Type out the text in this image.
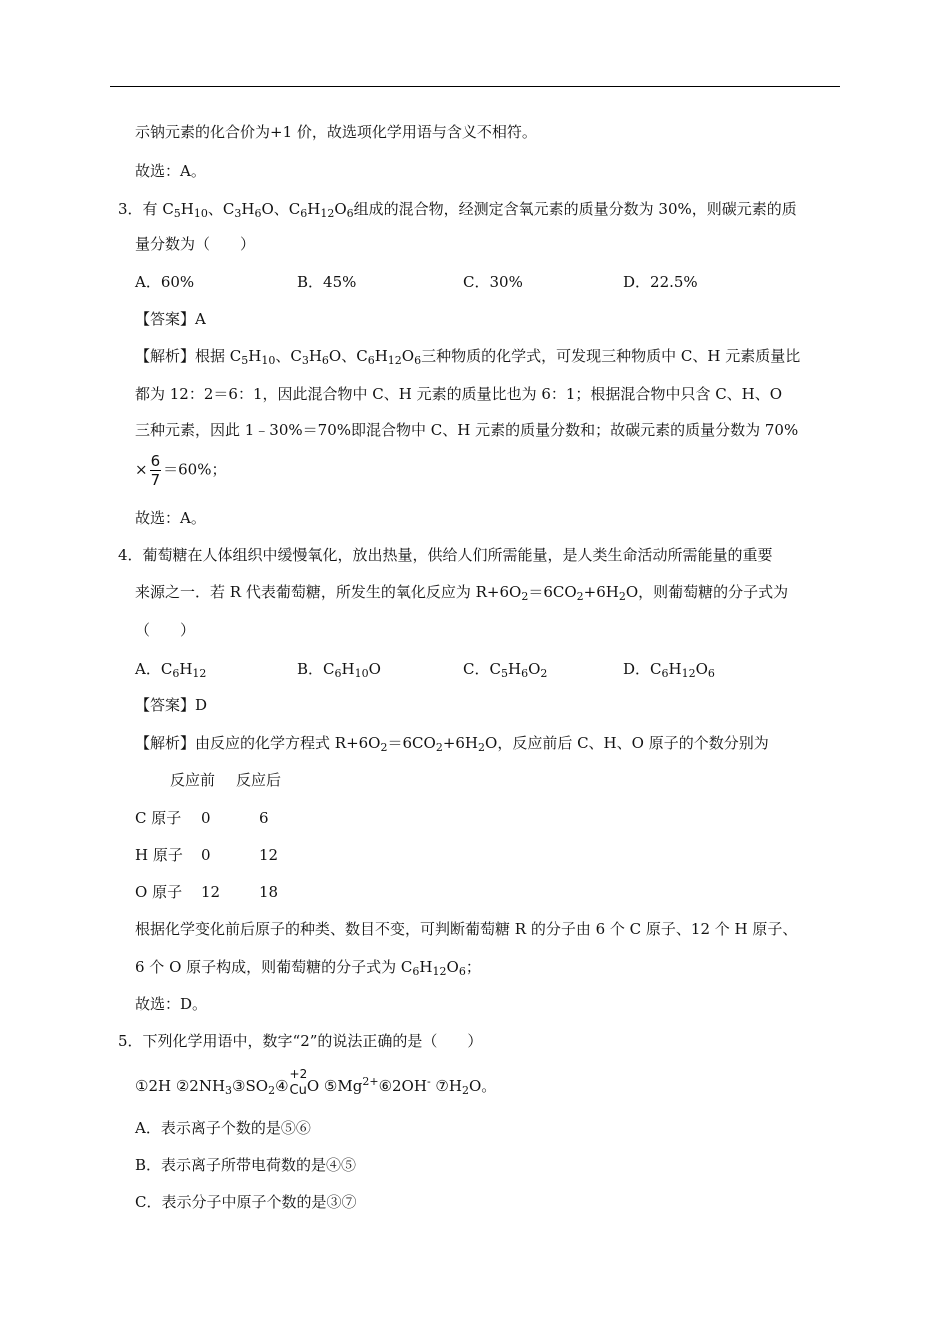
示钠元素的化合价为+1 价，故选项化学用语与含义不相符。
故选：A。
3．有 $C_5H_{10}$、$C_3H_6O$、$C_6H_{12}O_6$组成的混合物，经测定含氧元素的质量分数为 30%，则碳元素的质
量分数为（　　）
A．60%	B．45%	C．30%	D．22.5%
【答案】A
【解析】根据 $C_5H_{10}$、$C_3H_6O$、$C_6H_{12}O_6$三种物质的化学式，可发现三种物质中 C、H 元素质量比
都为 12：2＝6：1，因此混合物中 C、H 元素的质量比也为 6：1；根据混合物中只含 C、H、O
三种元素，因此 1﹣30%＝70%即混合物中 C、H 元素的质量分数和；故碳元素的质量分数为 70%
× $\frac{6}{7} =60\%$；
故选：A。
4．葡萄糖在人体组织中缓慢氧化，放出热量，供给人们所需能量，是人类生命活动所需能量的重要
来源之一．若 R 代表葡萄糖，所发生的氧化反应为 $R+6O_2=6CO_2+6H_2O$，则葡萄糖的分子式为
（　　）
A．$C_6H_{12}$	B．$C_6H_{10}O$	C．$C_5H_6O_2$	D．$C_6H_{12}O_6$
【答案】D
【解析】由反应的化学方程式 $R+6O_2=6CO_2+6H_2O$，反应前后 C、H、O 原子的个数分别为
反应前 反应后
C 原子 0	6
H 原子 0	12
O 原子 12	18
根据化学变化前后原子的种类、数目不变，可判断葡萄糖 R 的分子由 6 个 C 原子、12 个 H 原子、
6 个 O 原子构成，则葡萄糖的分子式为 $C_6H_{12}O_6$；
故选：D。
5．下列化学用语中，数字“2”的说法正确的是（　　）
①2H $②2NH_3③SO_2④$
+2
CuO $⑤Mg^{2+}⑥2OH^-$ $⑦H_2O$。
A．表示离子个数的是⑤⑥
B．表示离子所带电荷数的是④⑤
C．表示分子中原子个数的是③⑦
